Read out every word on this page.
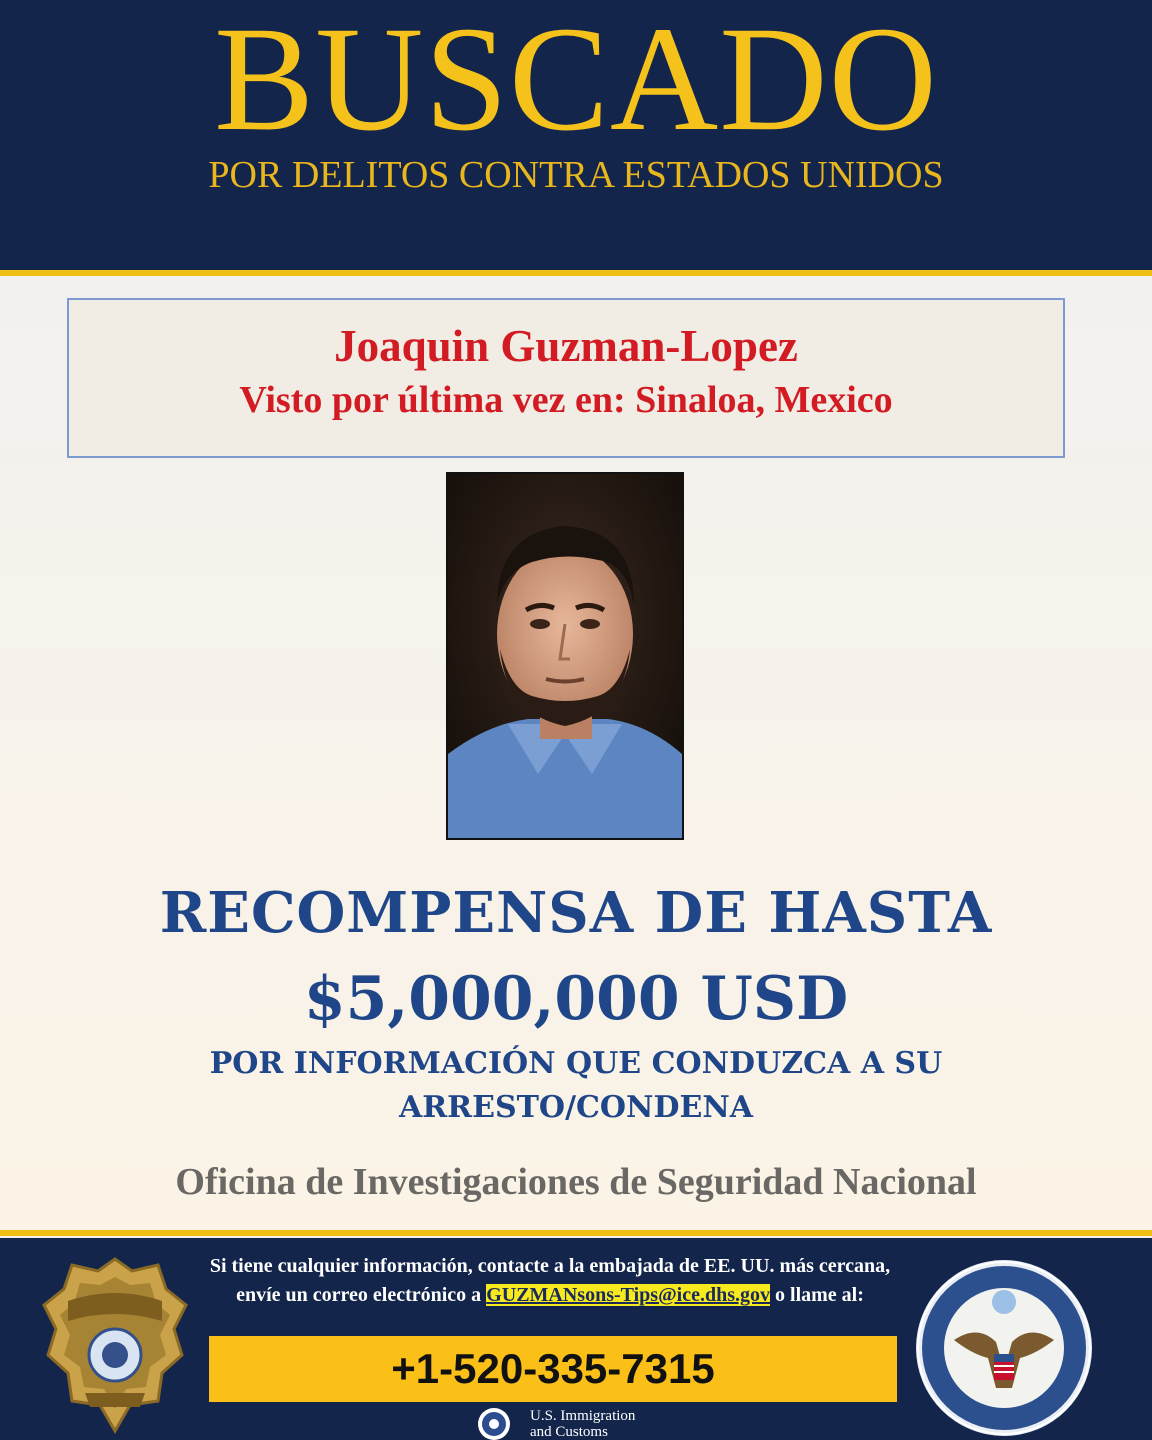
BUSCADO
POR DELITOS CONTRA ESTADOS UNIDOS
Joaquin Guzman-Lopez
Visto por última vez en: Sinaloa, Mexico
RECOMPENSA DE HASTA
$5,000,000 USD
POR INFORMACIÓN QUE CONDUZCA A SU ARRESTO/CONDENA
Oficina de Investigaciones de Seguridad Nacional
Si tiene cualquier información, contacte a la embajada de EE. UU. más cercana, envíe un correo electrónico a GUZMANsons-Tips@ice.dhs.gov o llame al:
+1-520-335-7315
U.S. Immigration
and Customs
